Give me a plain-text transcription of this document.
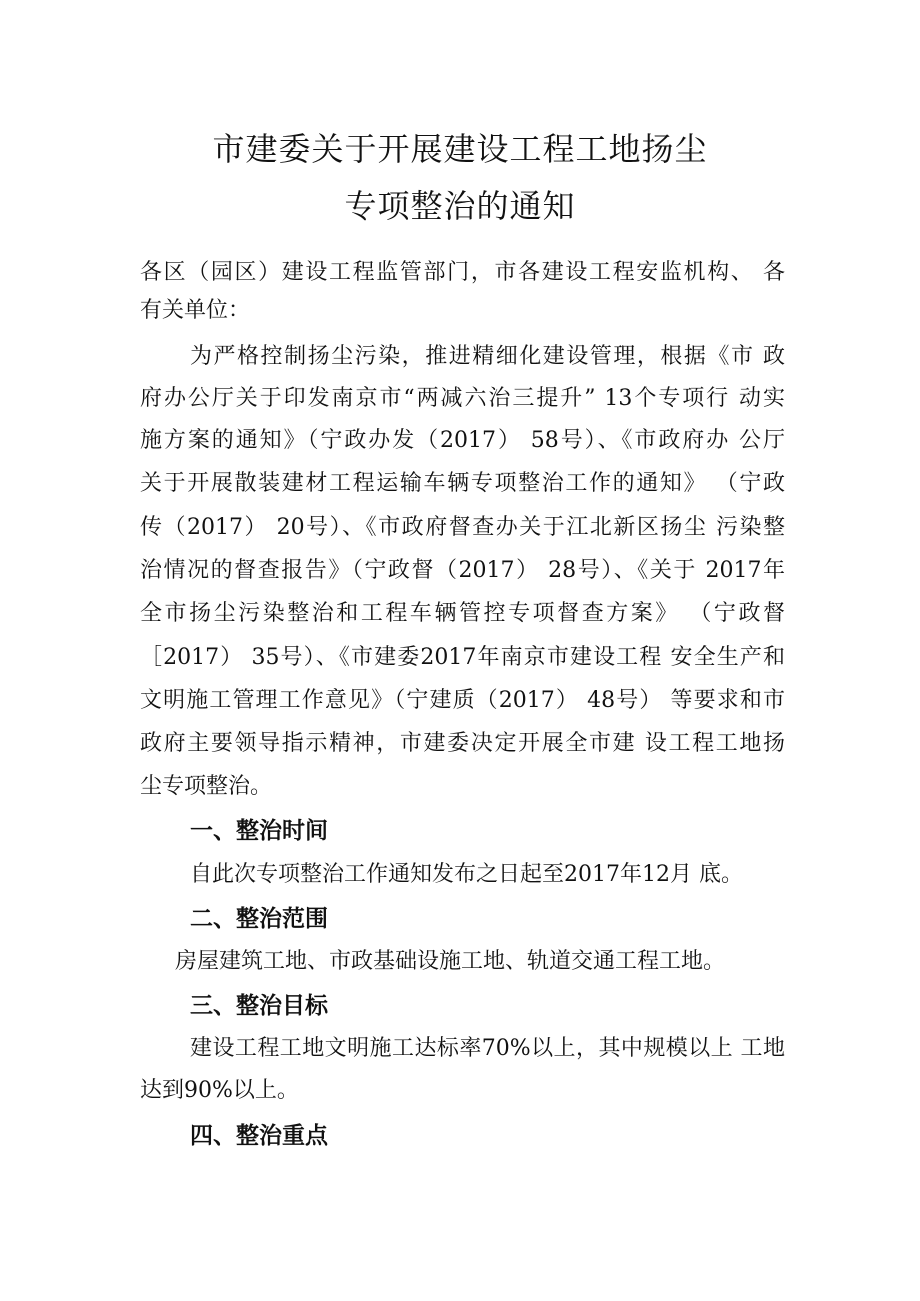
市建委关于开展建设工程工地扬尘
专项整治的通知
各区（园区）建设工程监管部门，市各建设工程安监机构、 各
有关单位：
为严格控制扬尘污染，推进精细化建设管理，根据《市 政
府办公厅关于印发南京市“两减六治三提升” 13个专项行 动实
施方案的通知》（宁政办发（2017） 58号）、《市政府办 公厅
关于开展散装建材工程运输车辆专项整治工作的通知》 （宁政
传（2017） 20号）、《市政府督查办关于江北新区扬尘 污染整
治情况的督查报告》（宁政督（2017） 28号）、《关于 2017年
全市扬尘污染整治和工程车辆管控专项督查方案》 （宁政督
［2017） 35号）、《市建委2017年南京市建设工程 安全生产和
文明施工管理工作意见》（宁建质（2017） 48号） 等要求和市
政府主要领导指示精神，市建委决定开展全市建 设工程工地扬
尘专项整治。
一、整治时间
自此次专项整治工作通知发布之日起至2017年12月 底。
二、整治范围
房屋建筑工地、市政基础设施工地、轨道交通工程工地。
三、整治目标
建设工程工地文明施工达标率70%以上，其中规模以上 工地
达到90%以上。
四、整治重点
